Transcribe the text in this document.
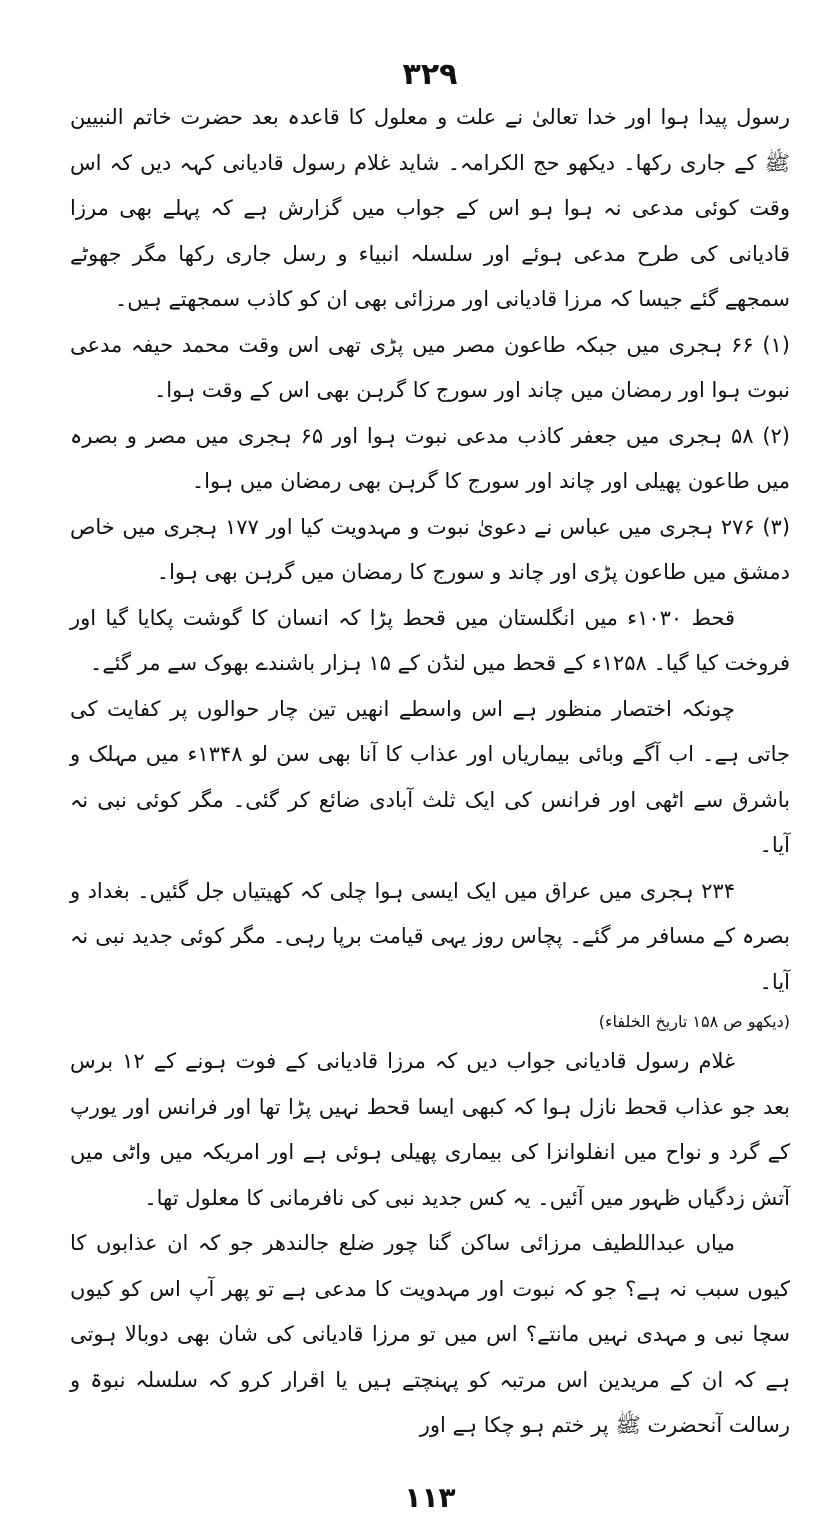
۳۲۹

رسول پیدا ہوا اور خدا تعالیٰ نے علت و معلول کا قاعدہ بعد حضرت خاتم النبیین ﷺ کے جاری رکھا۔ دیکھو حج الکرامہ۔ شاید غلام رسول قادیانی کہہ دیں کہ اس وقت کوئی مدعی نہ ہوا ہو اس کے جواب میں گزارش ہے کہ پہلے بھی مرزا قادیانی کی طرح مدعی ہوئے اور سلسلہ انبیاء و رسل جاری رکھا مگر جھوٹے سمجھے گئے جیسا کہ مرزا قادیانی اور مرزائی بھی ان کو کاذب سمجھتے ہیں۔

(۱) ۶۶ ہجری میں جبکہ طاعون مصر میں پڑی تھی اس وقت محمد حیفہ مدعی نبوت ہوا اور رمضان میں چاند اور سورج کا گرہن بھی اس کے وقت ہوا۔

(۲) ۵۸ ہجری میں جعفر کاذب مدعی نبوت ہوا اور ۶۵ ہجری میں مصر و بصرہ میں طاعون پھیلی اور چاند اور سورج کا گرہن بھی رمضان میں ہوا۔

(۳) ۲۷۶ ہجری میں عباس نے دعویٰ نبوت و مہدویت کیا اور ۱۷۷ ہجری میں خاص دمشق میں طاعون پڑی اور چاند و سورج کا رمضان میں گرہن بھی ہوا۔

قحط ۱۰۳۰ء میں انگلستان میں قحط پڑا کہ انسان کا گوشت پکایا گیا اور فروخت کیا گیا۔ ۱۲۵۸ء کے قحط میں لنڈن کے ۱۵ ہزار باشندے بھوک سے مر گئے۔

چونکہ اختصار منظور ہے اس واسطے انھیں تین چار حوالوں پر کفایت کی جاتی ہے۔ اب آگے وبائی بیماریاں اور عذاب کا آنا بھی سن لو ۱۳۴۸ء میں مہلک و باشرق سے اٹھی اور فرانس کی ایک ثلث آبادی ضائع کر گئی۔ مگر کوئی نبی نہ آیا۔

۲۳۴ ہجری میں عراق میں ایک ایسی ہوا چلی کہ کھیتیاں جل گئیں۔ بغداد و بصرہ کے مسافر مر گئے۔ پچاس روز یہی قیامت برپا رہی۔ مگر کوئی جدید نبی نہ آیا۔

(دیکھو ص ۱۵۸ تاریخ الخلفاء)

غلام رسول قادیانی جواب دیں کہ مرزا قادیانی کے فوت ہونے کے ۱۲ برس بعد جو عذاب قحط نازل ہوا کہ کبھی ایسا قحط نہیں پڑا تھا اور فرانس اور یورپ کے گرد و نواح میں انفلوانزا کی بیماری پھیلی ہوئی ہے اور امریکہ میں واٹی میں آتش زدگیاں ظہور میں آئیں۔ یہ کس جدید نبی کی نافرمانی کا معلول تھا۔

میاں عبداللطیف مرزائی ساکن گنا چور ضلع جالندھر جو کہ ان عذابوں کا کیوں سبب نہ ہے؟ جو کہ نبوت اور مہدویت کا مدعی ہے تو پھر آپ اس کو کیوں سچا نبی و مہدی نہیں مانتے؟ اس میں تو مرزا قادیانی کی شان بھی دوبالا ہوتی ہے کہ ان کے مریدین اس مرتبہ کو پہنچتے ہیں یا اقرار کرو کہ سلسلہ نبوۃ و رسالت آنحضرت ﷺ پر ختم ہو چکا ہے اور

۱۱۳
